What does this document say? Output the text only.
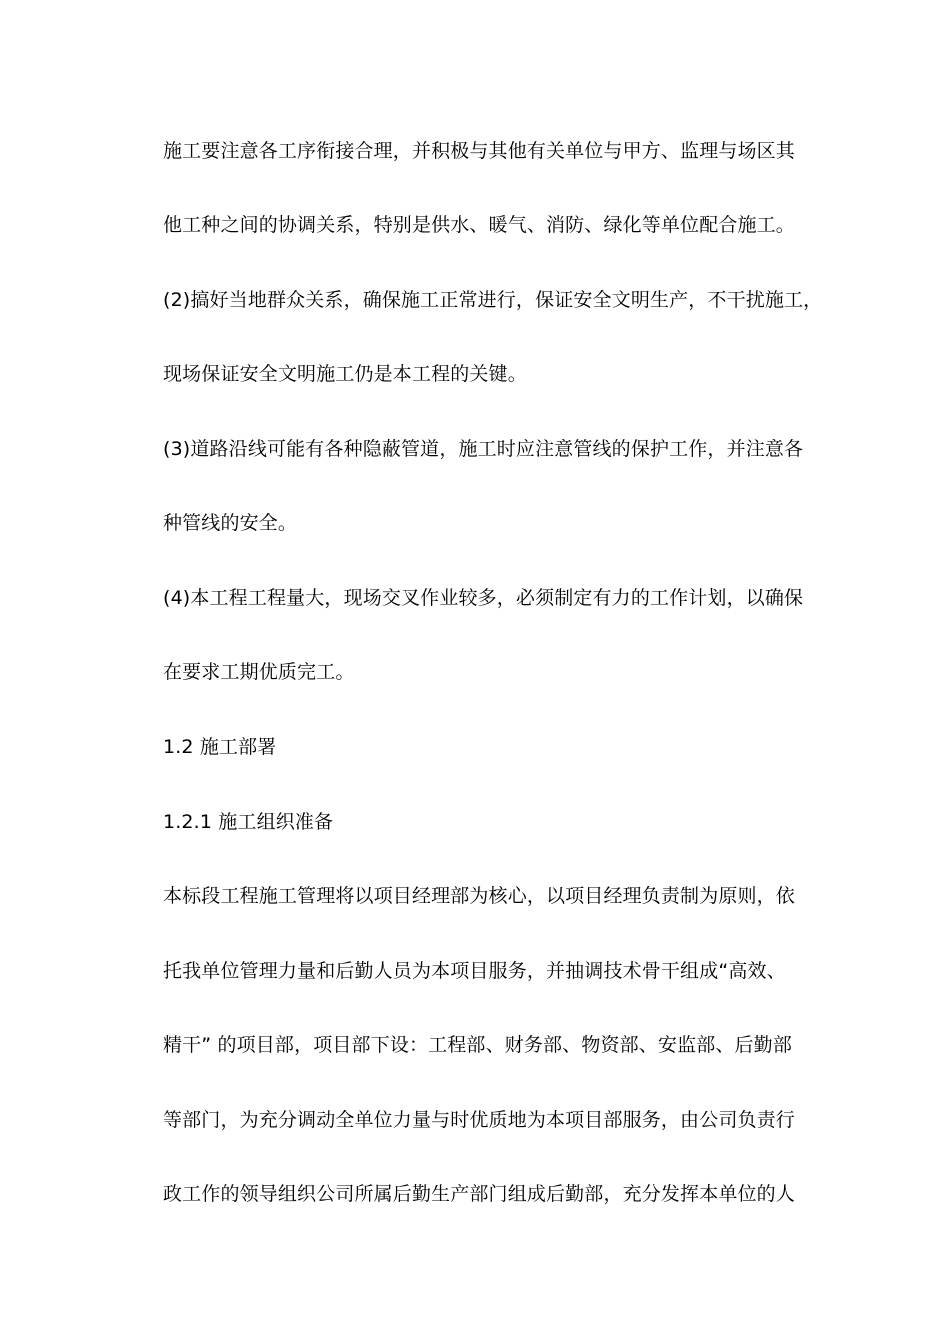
施工要注意各工序衔接合理，并积极与其他有关单位与甲方、监理与场区其
他工种之间的协调关系，特别是供水、暖气、消防、绿化等单位配合施工。
(2)搞好当地群众关系，确保施工正常进行，保证安全文明生产，不干扰施工，
现场保证安全文明施工仍是本工程的关键。
(3)道路沿线可能有各种隐蔽管道，施工时应注意管线的保护工作，并注意各
种管线的安全。
(4)本工程工程量大，现场交叉作业较多，必须制定有力的工作计划，以确保
在要求工期优质完工。
1.2 施工部署
1.2.1 施工组织准备
本标段工程施工管理将以项目经理部为核心，以项目经理负责制为原则，依
托我单位管理力量和后勤人员为本项目服务，并抽调技术骨干组成“高效、
精干” 的项目部，项目部下设：工程部、财务部、物资部、安监部、后勤部
等部门，为充分调动全单位力量与时优质地为本项目部服务，由公司负责行
政工作的领导组织公司所属后勤生产部门组成后勤部，充分发挥本单位的人
